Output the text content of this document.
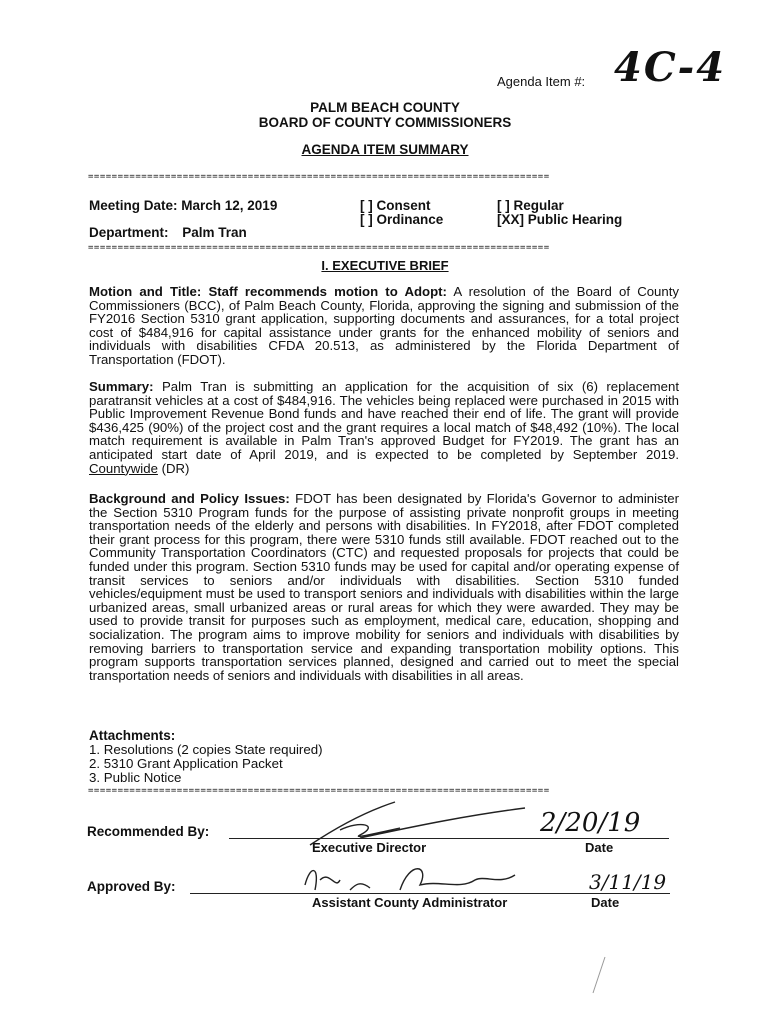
Agenda Item #: 4C-4
PALM BEACH COUNTY
BOARD OF COUNTY COMMISSIONERS
AGENDA ITEM SUMMARY
==============================================================================
Meeting Date: March 12, 2019
Department: Palm Tran
[ ] Consent
[ ] Ordinance
[ ] Regular
[XX] Public Hearing
==============================================================================
I. EXECUTIVE BRIEF
Motion and Title: Staff recommends motion to Adopt: A resolution of the Board of County Commissioners (BCC), of Palm Beach County, Florida, approving the signing and submission of the FY2016 Section 5310 grant application, supporting documents and assurances, for a total project cost of $484,916 for capital assistance under grants for the enhanced mobility of seniors and individuals with disabilities CFDA 20.513, as administered by the Florida Department of Transportation (FDOT).
Summary: Palm Tran is submitting an application for the acquisition of six (6) replacement paratransit vehicles at a cost of $484,916. The vehicles being replaced were purchased in 2015 with Public Improvement Revenue Bond funds and have reached their end of life. The grant will provide $436,425 (90%) of the project cost and the grant requires a local match of $48,492 (10%). The local match requirement is available in Palm Tran's approved Budget for FY2019. The grant has an anticipated start date of April 2019, and is expected to be completed by September 2019. Countywide (DR)
Background and Policy Issues: FDOT has been designated by Florida's Governor to administer the Section 5310 Program funds for the purpose of assisting private nonprofit groups in meeting transportation needs of the elderly and persons with disabilities. In FY2018, after FDOT completed their grant process for this program, there were 5310 funds still available. FDOT reached out to the Community Transportation Coordinators (CTC) and requested proposals for projects that could be funded under this program. Section 5310 funds may be used for capital and/or operating expense of transit services to seniors and/or individuals with disabilities. Section 5310 funded vehicles/equipment must be used to transport seniors and individuals with disabilities within the large urbanized areas, small urbanized areas or rural areas for which they were awarded. They may be used to provide transit for purposes such as employment, medical care, education, shopping and socialization. The program aims to improve mobility for seniors and individuals with disabilities by removing barriers to transportation service and expanding transportation mobility options. This program supports transportation services planned, designed and carried out to meet the special transportation needs of seniors and individuals with disabilities in all areas.
Attachments:
1. Resolutions (2 copies State required)
2. 5310 Grant Application Packet
3. Public Notice
==============================================================================
Recommended By:
Executive Director	Date
2/20/19
Approved By:
Assistant County Administrator	Date
3/11/19
